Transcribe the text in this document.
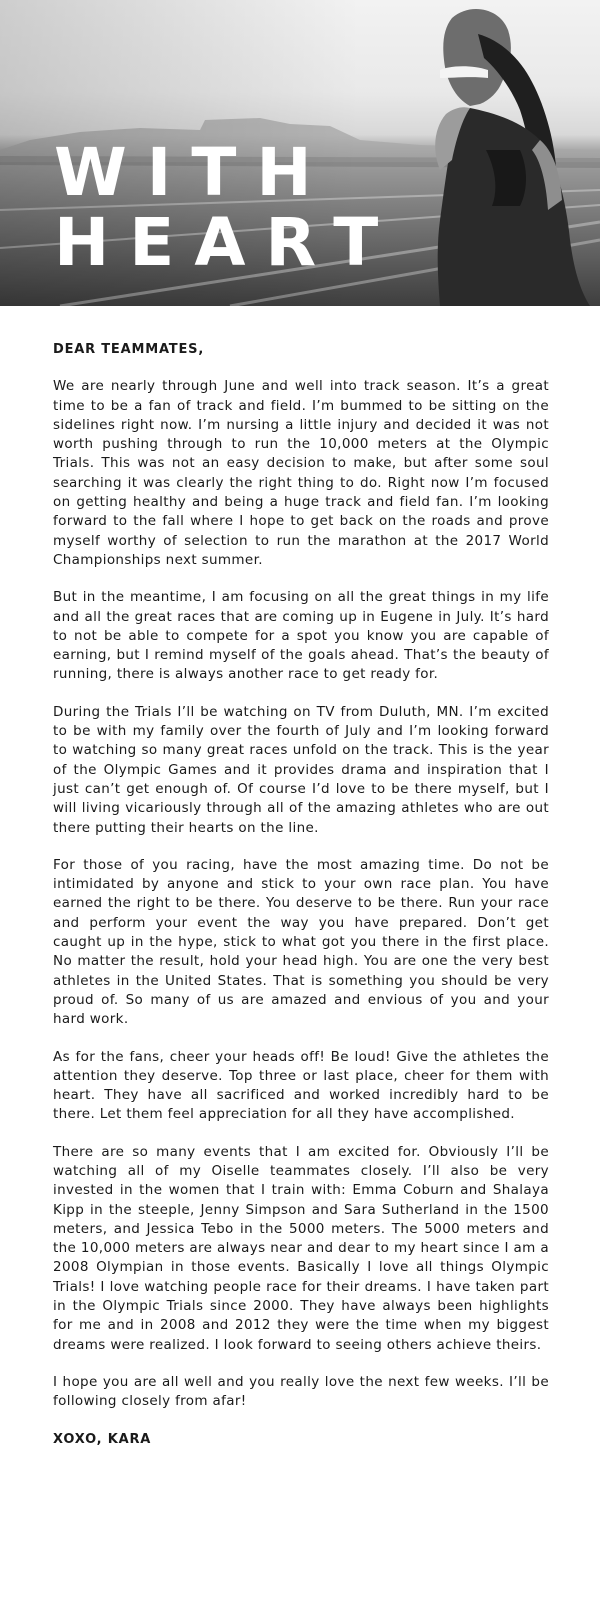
WITH
HEART

DEAR TEAMMATES,

We are nearly through June and well into track season. It’s a great time to be a fan of track and field. I’m bummed to be sitting on the sidelines right now. I’m nursing a little injury and decided it was not worth pushing through to run the 10,000 meters at the Olympic Trials. This was not an easy decision to make, but after some soul searching it was clearly the right thing to do. Right now I’m focused on getting healthy and being a huge track and field fan. I’m looking forward to the fall where I hope to get back on the roads and prove myself worthy of selection to run the marathon at the 2017 World Championships next summer.

But in the meantime, I am focusing on all the great things in my life and all the great races that are coming up in Eugene in July. It’s hard to not be able to compete for a spot you know you are capable of earning, but I remind myself of the goals ahead. That’s the beauty of running, there is always another race to get ready for.

During the Trials I’ll be watching on TV from Duluth, MN. I’m excited to be with my family over the fourth of July and I’m looking forward to watching so many great races unfold on the track. This is the year of the Olympic Games and it provides drama and inspiration that I just can’t get enough of. Of course I’d love to be there myself, but I will living vicariously through all of the amazing athletes who are out there putting their hearts on the line.

For those of you racing, have the most amazing time. Do not be intimidated by anyone and stick to your own race plan. You have earned the right to be there. You deserve to be there. Run your race and perform your event the way you have prepared. Don’t get caught up in the hype, stick to what got you there in the first place. No matter the result, hold your head high. You are one the very best athletes in the United States. That is something you should be very proud of. So many of us are amazed and envious of you and your hard work.

As for the fans, cheer your heads off! Be loud! Give the athletes the attention they deserve. Top three or last place, cheer for them with heart. They have all sacrificed and worked incredibly hard to be there. Let them feel appreciation for all they have accomplished.

There are so many events that I am excited for. Obviously I’ll be watching all of my Oiselle teammates closely. I’ll also be very invested in the women that I train with: Emma Coburn and Shalaya Kipp in the steeple, Jenny Simpson and Sara Sutherland in the 1500 meters, and Jessica Tebo in the 5000 meters. The 5000 meters and the 10,000 meters are always near and dear to my heart since I am a 2008 Olympian in those events. Basically I love all things Olympic Trials! I love watching people race for their dreams. I have taken part in the Olympic Trials since 2000. They have always been highlights for me and in 2008 and 2012 they were the time when my biggest dreams were realized. I look forward to seeing others achieve theirs.

I hope you are all well and you really love the next few weeks. I’ll be following closely from afar!

XOXO, KARA
